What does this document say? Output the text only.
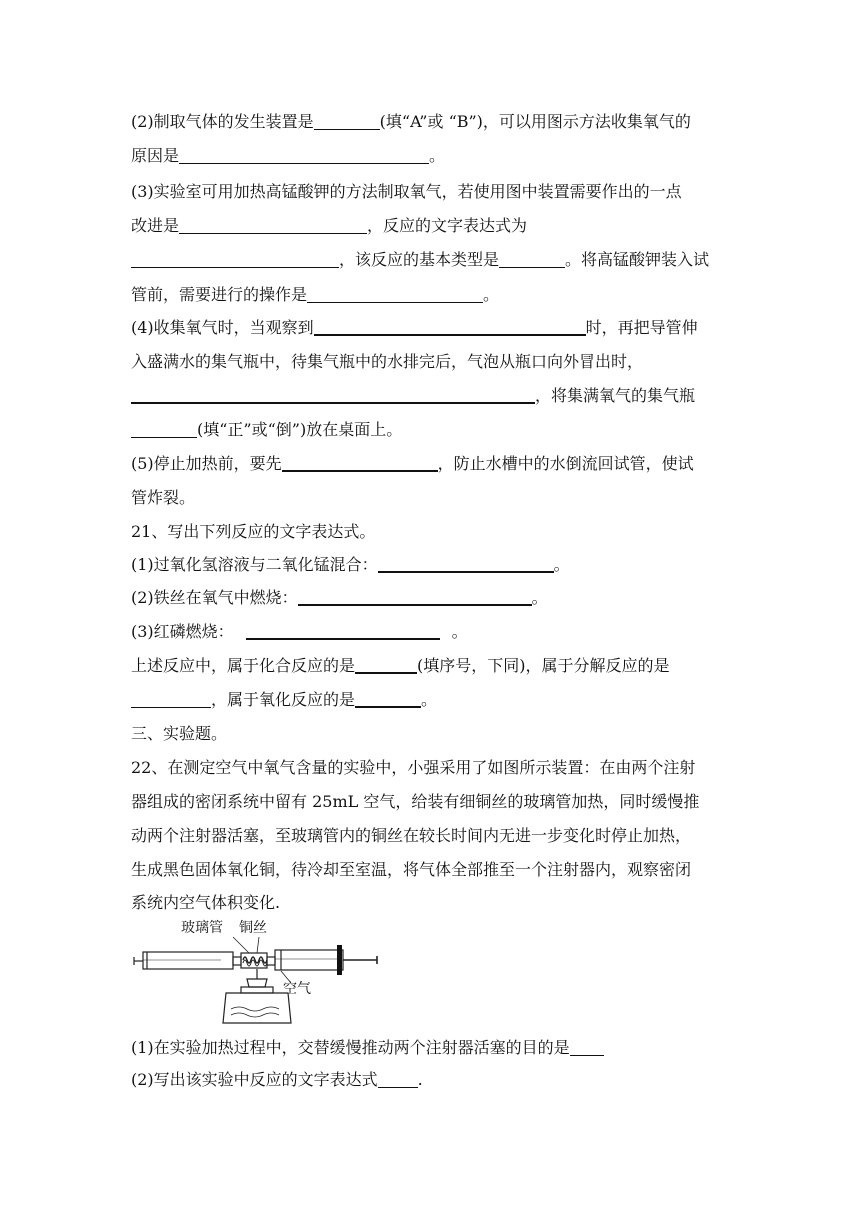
(2)制取气体的发生装置是	(填“A”或 “B”)，可以用图示方法收集氧气的
原因是	。
(3)实验室可用加热高锰酸钾的方法制取氧气，若使用图中装置需要作出的一点
改进是	，反应的文字表达式为
，该反应的基本类型是	。将高锰酸钾装入试
管前，需要进行的操作是	。
(4)收集氧气时，当观察到	时，再把导管伸
入盛满水的集气瓶中，待集气瓶中的水排完后，气泡从瓶口向外冒出时，
，将集满氧气的集气瓶
(填“正”或“倒”)放在桌面上。
(5)停止加热前，要先	，防止水槽中的水倒流回试管，使试
管炸裂。
21、写出下列反应的文字表达式。
(1)过氧化氢溶液与二氧化锰混合：	。
(2)铁丝在氧气中燃烧：	。
(3)红磷燃烧：	。
上述反应中，属于化合反应的是	(填序号，下同)，属于分解反应的是
，属于氧化反应的是	。
三、实验题。
22、在测定空气中氧气含量的实验中，小强采用了如图所示装置：在由两个注射
器组成的密闭系统中留有 25mL 空气，给装有细铜丝的玻璃管加热，同时缓慢推
动两个注射器活塞，至玻璃管内的铜丝在较长时间内无进一步变化时停止加热，
生成黑色固体氧化铜，待冷却至室温，将气体全部推至一个注射器内，观察密闭
系统内空气体积变化.
玻璃管 铜丝
空气
(1)在实验加热过程中，交替缓慢推动两个注射器活塞的目的是
(2)写出该实验中反应的文字表达式	.
